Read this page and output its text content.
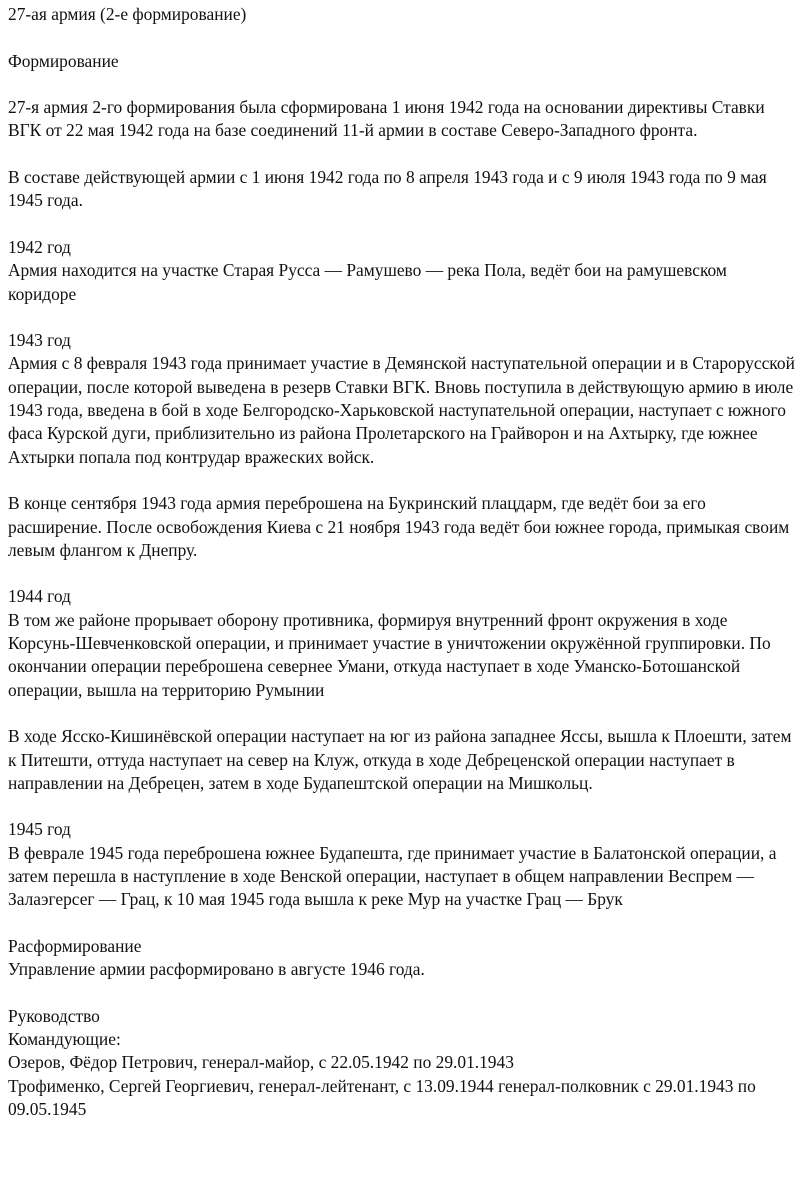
27-ая армия (2-е формирование)

Формирование

27-я армия 2-го формирования была сформирована 1 июня 1942 года на основании директивы Ставки ВГК от 22 мая 1942 года на базе соединений 11-й армии в составе Северо-Западного фронта.

В составе действующей армии с 1 июня 1942 года по 8 апреля 1943 года и с 9 июля 1943 года по 9 мая 1945 года.

1942 год

Армия находится на участке Старая Русса — Рамушево — река Пола, ведёт бои на рамушевском коридоре

1943 год

Армия с 8 февраля 1943 года принимает участие в Демянской наступательной операции и в Старорусской операции, после которой выведена в резерв Ставки ВГК. Вновь поступила в действующую армию в июле 1943 года, введена в бой в ходе Белгородско-Харьковской наступательной операции, наступает с южного фаса Курской дуги, приблизительно из района Пролетарского на Грайворон и на Ахтырку, где южнее Ахтырки попала под контрудар вражеских войск.

В конце сентября 1943 года армия переброшена на Букринский плацдарм, где ведёт бои за его расширение. После освобождения Киева с 21 ноября 1943 года ведёт бои южнее города, примыкая своим левым флангом к Днепру.

1944 год

В том же районе прорывает оборону противника, формируя внутренний фронт окружения в ходе Корсунь-Шевченковской операции, и принимает участие в уничтожении окружённой группировки. По окончании операции переброшена севернее Умани, откуда наступает в ходе Уманско-Ботошанской операции, вышла на территорию Румынии

В ходе Ясско-Кишинёвской операции наступает на юг из района западнее Яссы, вышла к Плоешти, затем к Питешти, оттуда наступает на север на Клуж, откуда в ходе Дебреценской операции наступает в направлении на Дебрецен, затем в ходе Будапештской операции на Мишкольц.

1945 год

В феврале 1945 года переброшена южнее Будапешта, где принимает участие в Балатонской операции, а затем перешла в наступление в ходе Венской операции, наступает в общем направлении Веспрем — Залаэгерсег — Грац, к 10 мая 1945 года вышла к реке Мур на участке Грац — Брук

Расформирование

Управление армии расформировано в августе 1946 года.

Руководство

Командующие:

Озеров, Фёдор Петрович, генерал-майор, с 22.05.1942 по 29.01.1943

Трофименко, Сергей Георгиевич, генерал-лейтенант, с 13.09.1944 генерал-полковник с 29.01.1943 по 09.05.1945
